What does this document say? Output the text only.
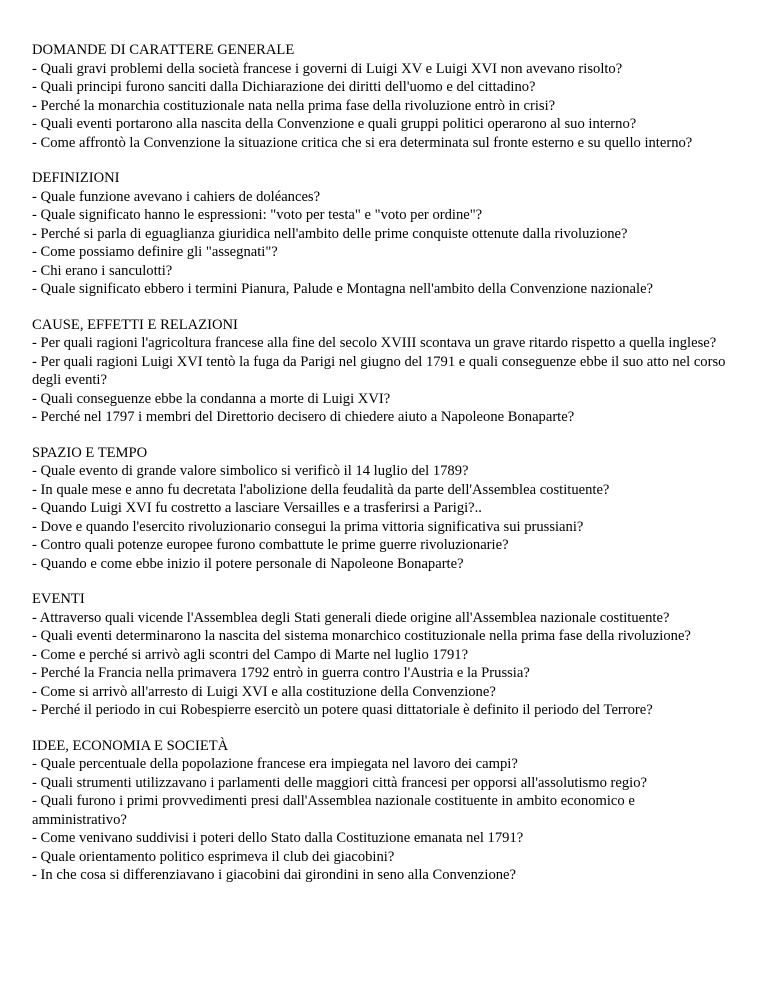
DOMANDE DI CARATTERE GENERALE
- Quali gravi problemi della società francese i governi di Luigi XV e Luigi XVI non avevano risolto?
- Quali principi furono sanciti dalla Dichiarazione dei diritti dell'uomo e del cittadino?
- Perché la monarchia costituzionale nata nella prima fase della rivoluzione entrò in crisi?
- Quali eventi portarono alla nascita della Convenzione e quali gruppi politici operarono al suo interno?
- Come affrontò la Convenzione la situazione critica che si era determinata sul fronte esterno e su quello interno?
DEFINIZIONI
- Quale funzione avevano i cahiers de doléances?
- Quale significato hanno le espressioni: "voto per testa" e "voto per ordine"?
- Perché si parla di eguaglianza giuridica nell'ambito delle prime conquiste ottenute dalla rivoluzione?
- Come possiamo definire gli "assegnati"?
- Chi erano i sanculotti?
- Quale significato ebbero i termini Pianura, Palude e Montagna nell'ambito della Convenzione nazionale?
CAUSE, EFFETTI E RELAZIONI
- Per quali ragioni l'agricoltura francese alla fine del secolo XVIII scontava un grave ritardo rispetto a quella inglese?
- Per quali ragioni Luigi XVI tentò la fuga da Parigi nel giugno del 1791 e quali conseguenze ebbe il suo atto nel corso degli eventi?
- Quali conseguenze ebbe la condanna a morte di Luigi XVI?
- Perché nel 1797 i membri del Direttorio decisero di chiedere aiuto a Napoleone Bonaparte?
SPAZIO E TEMPO
- Quale evento di grande valore simbolico si verificò il 14 luglio del 1789?
- In quale mese e anno fu decretata l'abolizione della feudalità da parte dell'Assemblea costituente?
- Quando Luigi XVI fu costretto a lasciare Versailles e a trasferirsi a Parigi?..
- Dove e quando l'esercito rivoluzionario consegui la prima vittoria significativa sui prussiani?
- Contro quali potenze europee furono combattute le prime guerre rivoluzionarie?
- Quando e come ebbe inizio il potere personale di Napoleone Bonaparte?
EVENTI
- Attraverso quali vicende l'Assemblea degli Stati generali diede origine all'Assemblea nazionale costituente?
- Quali eventi determinarono la nascita del sistema monarchico costituzionale nella prima fase della rivoluzione?
- Come e perché si arrivò agli scontri del Campo di Marte nel luglio 1791?
- Perché la Francia nella primavera 1792 entrò in guerra contro l'Austria e la Prussia?
- Come si arrivò all'arresto di Luigi XVI e alla costituzione della Convenzione?
- Perché il periodo in cui Robespierre esercitò un potere quasi dittatoriale è definito il periodo del Terrore?
IDEE, ECONOMIA E SOCIETÀ
- Quale percentuale della popolazione francese era impiegata nel lavoro dei campi?
- Quali strumenti utilizzavano i parlamenti delle maggiori città francesi per opporsi all'assolutismo regio?
- Quali furono i primi provvedimenti presi dall'Assemblea nazionale costituente in ambito economico e amministrativo?
- Come venivano suddivisi i poteri dello Stato dalla Costituzione emanata nel 1791?
- Quale orientamento politico esprimeva il club dei giacobini?
- In che cosa si differenziavano i giacobini dai girondini in seno alla Convenzione?
